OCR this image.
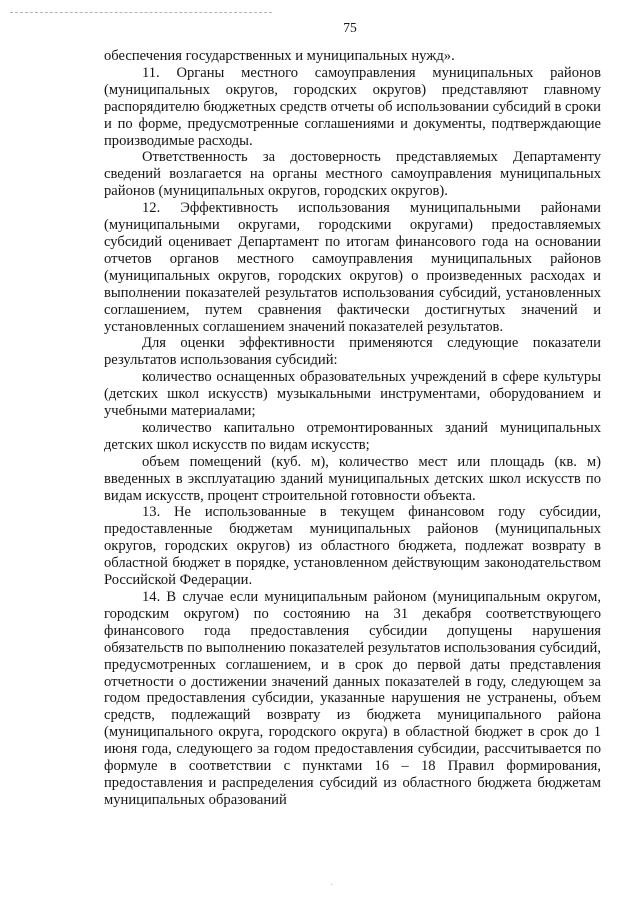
75

обеспечения государственных и муниципальных нужд».

11. Органы местного самоуправления муниципальных районов (муниципальных округов, городских округов) представляют главному распорядителю бюджетных средств отчеты об использовании субсидий в сроки и по форме, предусмотренные соглашениями и документы, подтверждающие производимые расходы.

Ответственность за достоверность представляемых Департаменту сведений возлагается на органы местного самоуправления муниципальных районов (муниципальных округов, городских округов).

12. Эффективность использования муниципальными районами (муниципальными округами, городскими округами) предоставляемых субсидий оценивает Департамент по итогам финансового года на основании отчетов органов местного самоуправления муниципальных районов (муниципальных округов, городских округов) о произведенных расходах и выполнении показателей результатов использования субсидий, установленных соглашением, путем сравнения фактически достигнутых значений и установленных соглашением значений показателей результатов.

Для оценки эффективности применяются следующие показатели результатов использования субсидий:

количество оснащенных образовательных учреждений в сфере культуры (детских школ искусств) музыкальными инструментами, оборудованием и учебными материалами;

количество капитально отремонтированных зданий муниципальных детских школ искусств по видам искусств;

объем помещений (куб. м), количество мест или площадь (кв. м) введенных в эксплуатацию зданий муниципальных детских школ искусств по видам искусств, процент строительной готовности объекта.

13. Не использованные в текущем финансовом году субсидии, предоставленные бюджетам муниципальных районов (муниципальных округов, городских округов) из областного бюджета, подлежат возврату в областной бюджет в порядке, установленном действующим законодательством Российской Федерации.

14. В случае если муниципальным районом (муниципальным округом, городским округом) по состоянию на 31 декабря соответствующего финансового года предоставления субсидии допущены нарушения обязательств по выполнению показателей результатов использования субсидий, предусмотренных соглашением, и в срок до первой даты представления отчетности о достижении значений данных показателей в году, следующем за годом предоставления субсидии, указанные нарушения не устранены, объем средств, подлежащий возврату из бюджета муниципального района (муниципального округа, городского округа) в областной бюджет в срок до 1 июня года, следующего за годом предоставления субсидии, рассчитывается по формуле в соответствии с пунктами 16 – 18 Правил формирования, предоставления и распределения субсидий из областного бюджета бюджетам муниципальных образований

·
